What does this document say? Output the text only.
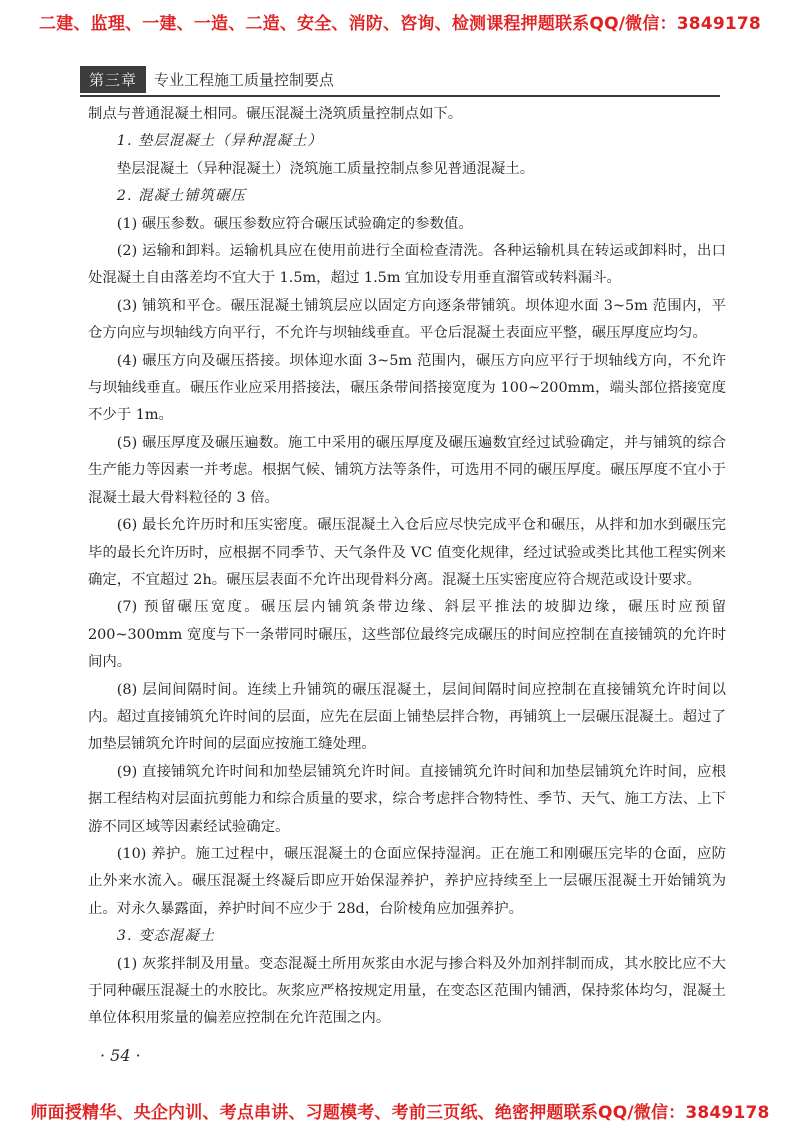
二建、监理、一建、一造、二造、安全、消防、咨询、检测课程押题联系QQ/微信：3849178
第三章	专业工程施工质量控制要点

制点与普通混凝土相同。碾压混凝土浇筑质量控制点如下。

1. 垫层混凝土（异种混凝土）

垫层混凝土（异种混凝土）浇筑施工质量控制点参见普通混凝土。

2. 混凝土铺筑碾压

(1) 碾压参数。碾压参数应符合碾压试验确定的参数值。

(2) 运输和卸料。运输机具应在使用前进行全面检查清洗。各种运输机具在转运或卸料时，出口处混凝土自由落差均不宜大于 1.5m，超过 1.5m 宜加设专用垂直溜管或转料漏斗。

(3) 铺筑和平仓。碾压混凝土铺筑层应以固定方向逐条带铺筑。坝体迎水面 3~5m 范围内，平仓方向应与坝轴线方向平行，不允许与坝轴线垂直。平仓后混凝土表面应平整，碾压厚度应均匀。

(4) 碾压方向及碾压搭接。坝体迎水面 3~5m 范围内，碾压方向应平行于坝轴线方向，不允许与坝轴线垂直。碾压作业应采用搭接法，碾压条带间搭接宽度为 100~200mm，端头部位搭接宽度不少于 1m。

(5) 碾压厚度及碾压遍数。施工中采用的碾压厚度及碾压遍数宜经过试验确定，并与铺筑的综合生产能力等因素一并考虑。根据气候、铺筑方法等条件，可选用不同的碾压厚度。碾压厚度不宜小于混凝土最大骨料粒径的 3 倍。

(6) 最长允许历时和压实密度。碾压混凝土入仓后应尽快完成平仓和碾压，从拌和加水到碾压完毕的最长允许历时，应根据不同季节、天气条件及 VC 值变化规律，经过试验或类比其他工程实例来确定，不宜超过 2h。碾压层表面不允许出现骨料分离。混凝土压实密度应符合规范或设计要求。

(7) 预留碾压宽度。碾压层内铺筑条带边缘、斜层平推法的坡脚边缘，碾压时应预留 200~300mm 宽度与下一条带同时碾压，这些部位最终完成碾压的时间应控制在直接铺筑的允许时间内。

(8) 层间间隔时间。连续上升铺筑的碾压混凝土，层间间隔时间应控制在直接铺筑允许时间以内。超过直接铺筑允许时间的层面，应先在层面上铺垫层拌合物，再铺筑上一层碾压混凝土。超过了加垫层铺筑允许时间的层面应按施工缝处理。

(9) 直接铺筑允许时间和加垫层铺筑允许时间。直接铺筑允许时间和加垫层铺筑允许时间，应根据工程结构对层面抗剪能力和综合质量的要求，综合考虑拌合物特性、季节、天气、施工方法、上下游不同区域等因素经试验确定。

(10) 养护。施工过程中，碾压混凝土的仓面应保持湿润。正在施工和刚碾压完毕的仓面，应防止外来水流入。碾压混凝土终凝后即应开始保湿养护，养护应持续至上一层碾压混凝土开始铺筑为止。对永久暴露面，养护时间不应少于 28d，台阶棱角应加强养护。

3. 变态混凝土

(1) 灰浆拌制及用量。变态混凝土所用灰浆由水泥与掺合料及外加剂拌制而成，其水胶比应不大于同种碾压混凝土的水胶比。灰浆应严格按规定用量，在变态区范围内铺洒，保持浆体均匀，混凝土单位体积用浆量的偏差应控制在允许范围之内。

· 54 ·
师面授精华、央企内训、考点串讲、习题模考、考前三页纸、绝密押题联系QQ/微信：3849178
